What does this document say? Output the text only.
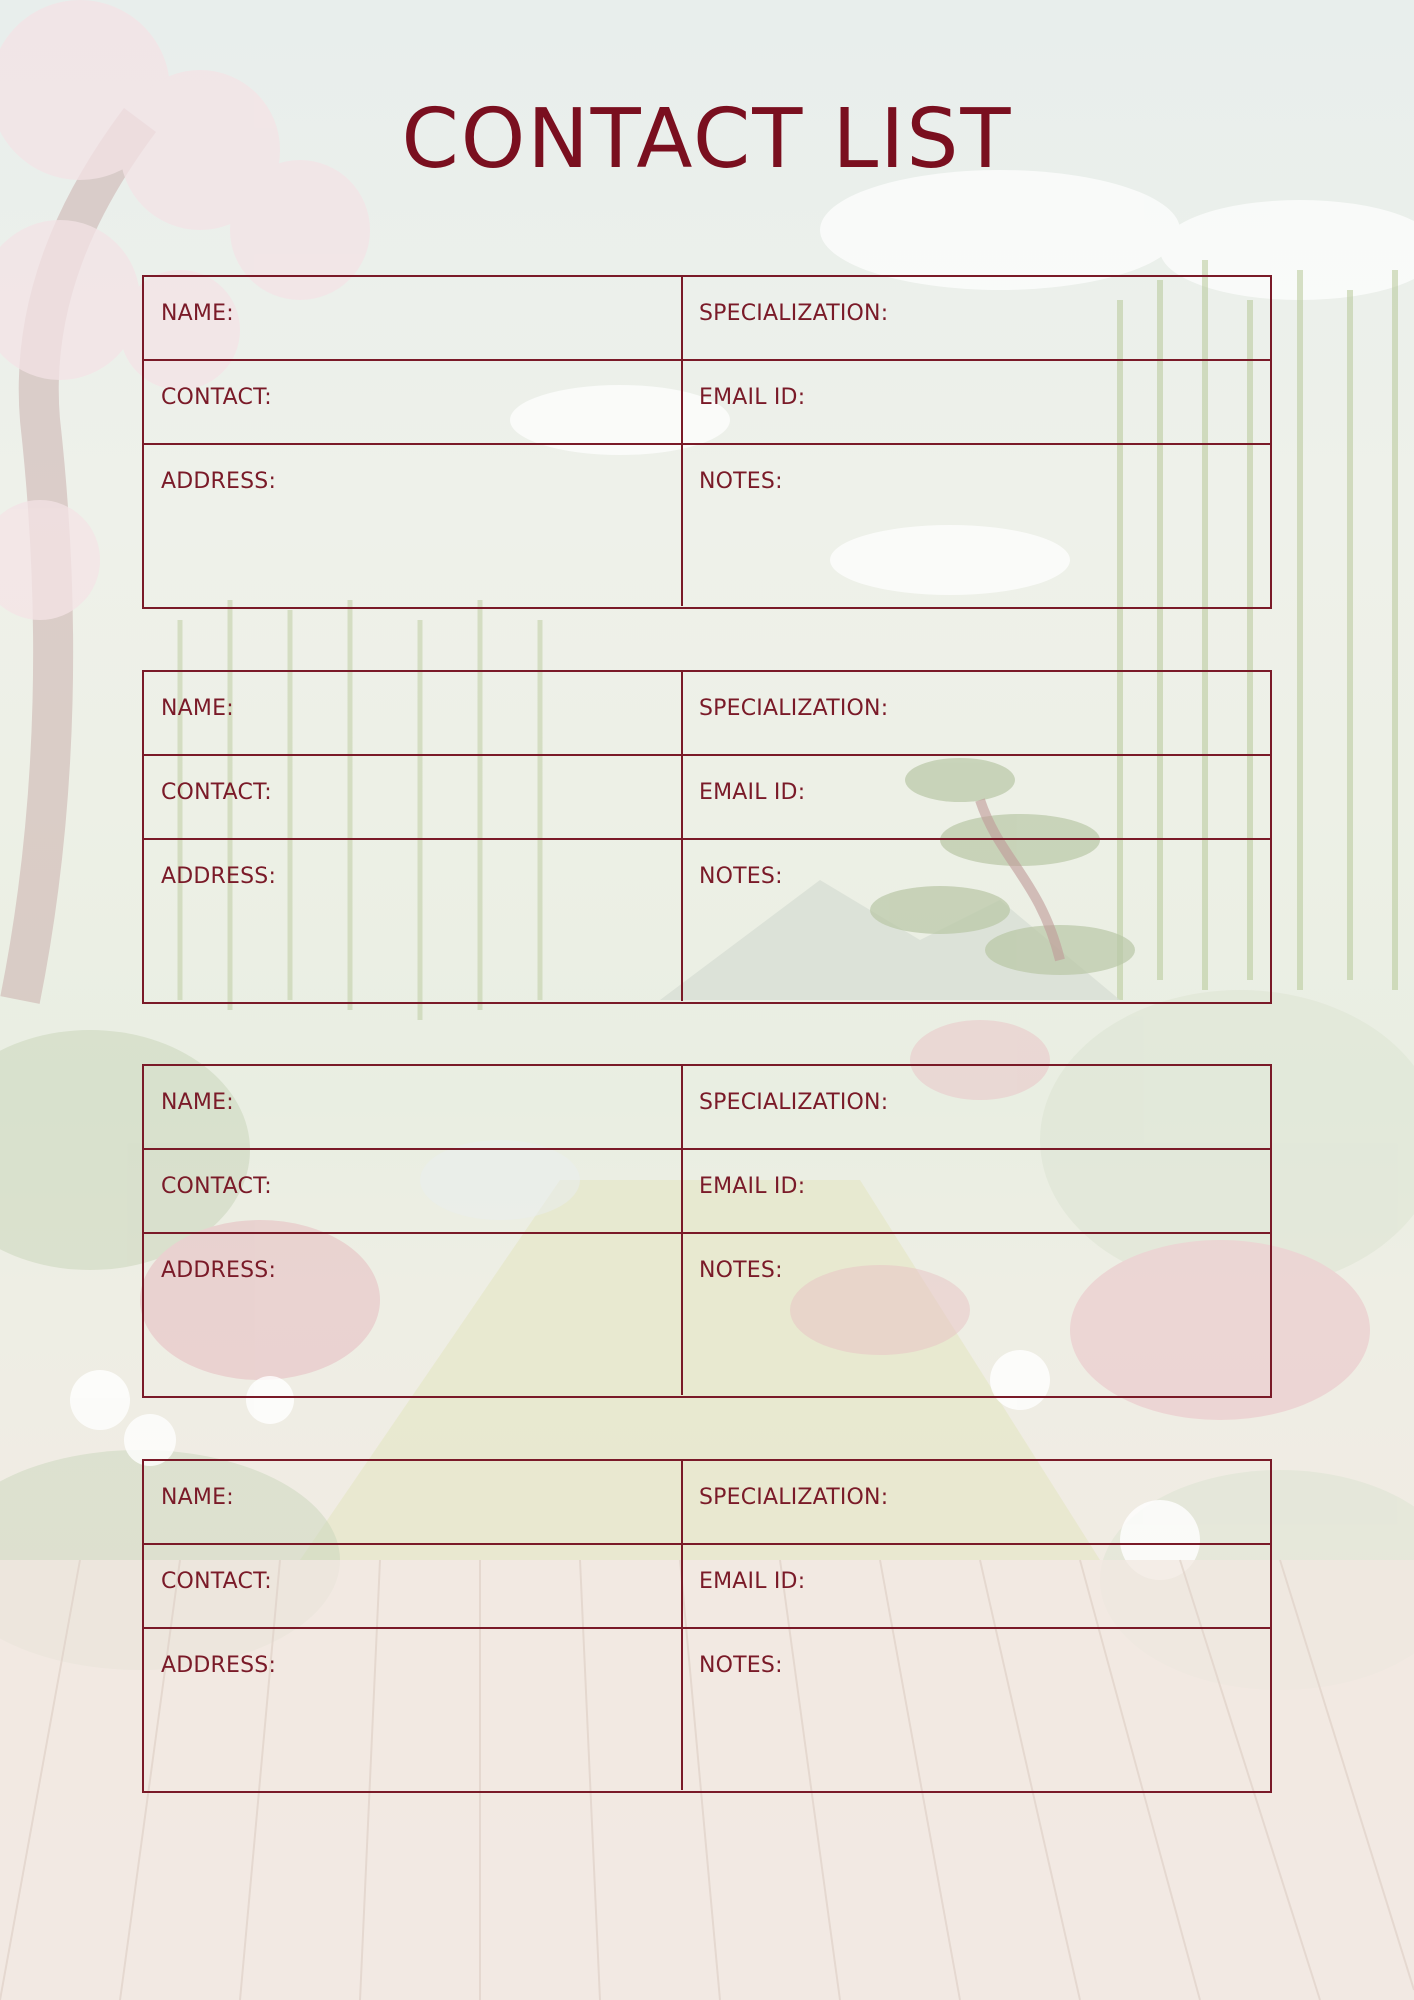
CONTACT LIST
NAME:	SPECIALIZATION:
CONTACT:	EMAIL ID:
ADDRESS:	NOTES:
NAME:	SPECIALIZATION:
CONTACT:	EMAIL ID:
ADDRESS:	NOTES:
NAME:	SPECIALIZATION:
CONTACT:	EMAIL ID:
ADDRESS:	NOTES:
NAME:	SPECIALIZATION:
CONTACT:	EMAIL ID:
ADDRESS:	NOTES:
